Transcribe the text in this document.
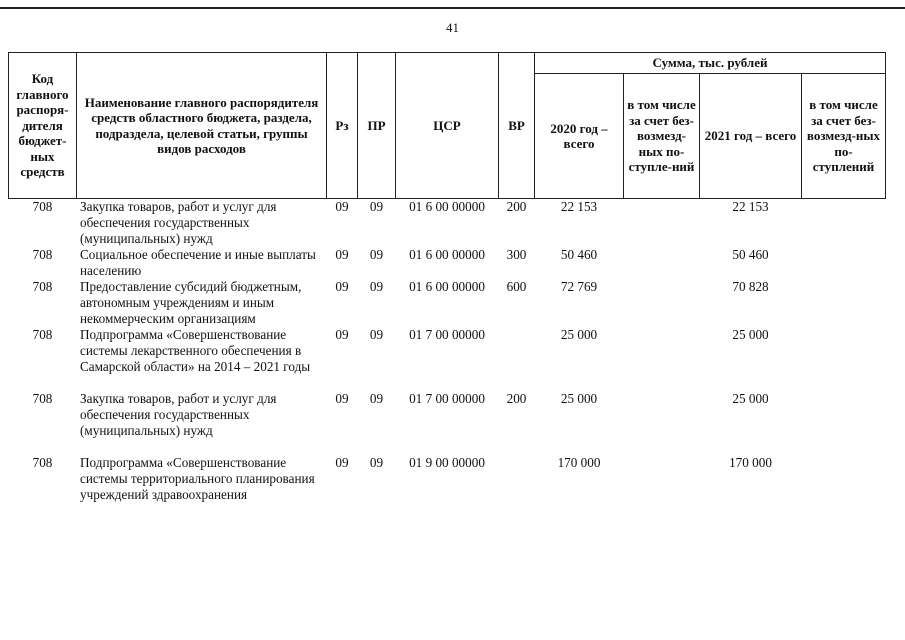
41
Код главного распоря-дителя бюджет-ных средств	Наименование главного распорядителя средств областного бюджета, раздела, подраздела, целевой статьи, группы видов расходов	Рз	ПР	ЦСР	ВР	Сумма, тыс. рублей			
						2020 год – всего	в том числе за счет без-возмезд-ных по-ступле-ний	2021 год – всего	в том числе за счет без-возмезд-ных по-ступлений
708	Закупка товаров, работ и услуг для обеспечения государственных (муниципальных) нужд	09	09	01 6 00 00000	200	22 153		22 153	
708	Социальное обеспечение и иные выплаты населению	09	09	01 6 00 00000	300	50 460		50 460	
708	Предоставление субсидий бюджетным, автономным учреждениям и иным некоммерческим организациям	09	09	01 6 00 00000	600	72 769		70 828	
708	Подпрограмма «Совершенствование системы лекарственного обеспечения в Самарской области» на 2014 – 2021 годы	09	09	01 7 00 00000		25 000		25 000	

708	Закупка товаров, работ и услуг для обеспечения государственных (муниципальных) нужд	09	09	01 7 00 00000	200	25 000		25 000	

708	Подпрограмма «Совершенствование системы территориального планирования учреждений здравоохранения	09	09	01 9 00 00000		170 000		170 000	
